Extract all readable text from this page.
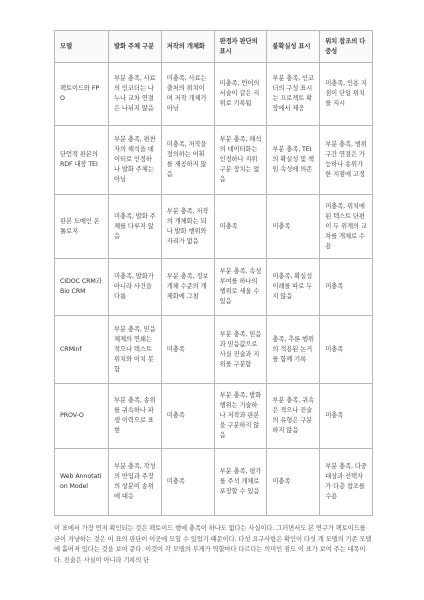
모델	발화 주체 구분	저작의 개체화	판정자 판단의 표시	불확실성 표시	위치 참조의 다중성
팩토이드와 FPO	부분 충족, 사료의 인코더는 나누나 교차 연결은 나뉘지 않음	미충족, 사료는 출처의 위치이며 저작 개체가 아님	미충족, 언어의 서술이 같은 지위로 기록됨	부분 충족, 인코더의 구성 표시는 프로젝트 확장에서 제공	미충족, 인용 지점이 단일 위치를 지시
단언적 판본의 RDF 내장 TEI	부분 충족, 편찬자의 해석을 데이터로 인정하나 발화 주체는 아님	미충족, 저작을 정의하는 어휘를 제공하지 않음	부분 충족, 해석의 데이터화는 인정하나 지위 구분 장치는 없음	부분 충족, TEI의 확실성 및 책임 속성에 의존	부분 충족, 범위 구간 연결은 가능하나 송위가 한 지점에 고정
판본 도메인 온톨로지	미충족, 발화 주체를 다루지 않음	부분 충족, 저작의 개체화는 되나 발화 행위와 자리가 없음	미충족	미충족	미충족, 위치에 된 텍스트 단편이 두 위계의 교차를 개체로 수용
CIDOC CRM과 Bio CRM	미충족, 발화가 아니라 사건을 다룸	부분 충족, 정보 개체 수준의 개체화에 그침	부분 충족, 속성 부여를 하나의 행위로 세울 수 있음	미충족, 확실성 이례를 따로 두지 않음	미충족
CRMinf	부분 충족, 믿음 체제의 연쇄는 적으나 텍스트 위치와 이치 못함	미충족	부분 충족, 믿음과 믿음값으로 사실 진술과 지위를 구분함	충족, 추론 행위의 적용된 논거를 함께 기록	미충족
PROV-O	부분 충족, 송위를 귀속하나 파생 이력으로 표현	미충족	부분 충족, 발화 행위는 기술하나 저작과 판본을 구분하지 않음	부분 충족, 귀속은 적으나 진술의 유형은 구분하지 않음	미충족
Web Annotation Model	부분 충족, 작성의 반입과 주장의 상분이 송위에 대응	미충족	부분 충족, 평가를 주석 개체로 포장할 수 있음	미충족	부분 충족, 다중 대상과 선택자가 다층 참조를 수용

이 표에서 가장 먼저 확인되는 것은 팩토이드 행에 충족이 하나도 없다는 사실이다. 그러면서도 본 연구가 팩토이드를 굳이 겨냥하는 것은 이 표의 판단이 이곳에 모일 수 있었기 때문이다. 다섯 요구사항은 확인이 다섯 개 모델의 기존 모델에 흩어져 있다는 것을 보여 준다. 이것이 각 모델의 무게가 역할마다 다르다는 의미인 점도 이 표가 보여 주는 대목이다. 진술은 사실이 아니라 기록의 단
